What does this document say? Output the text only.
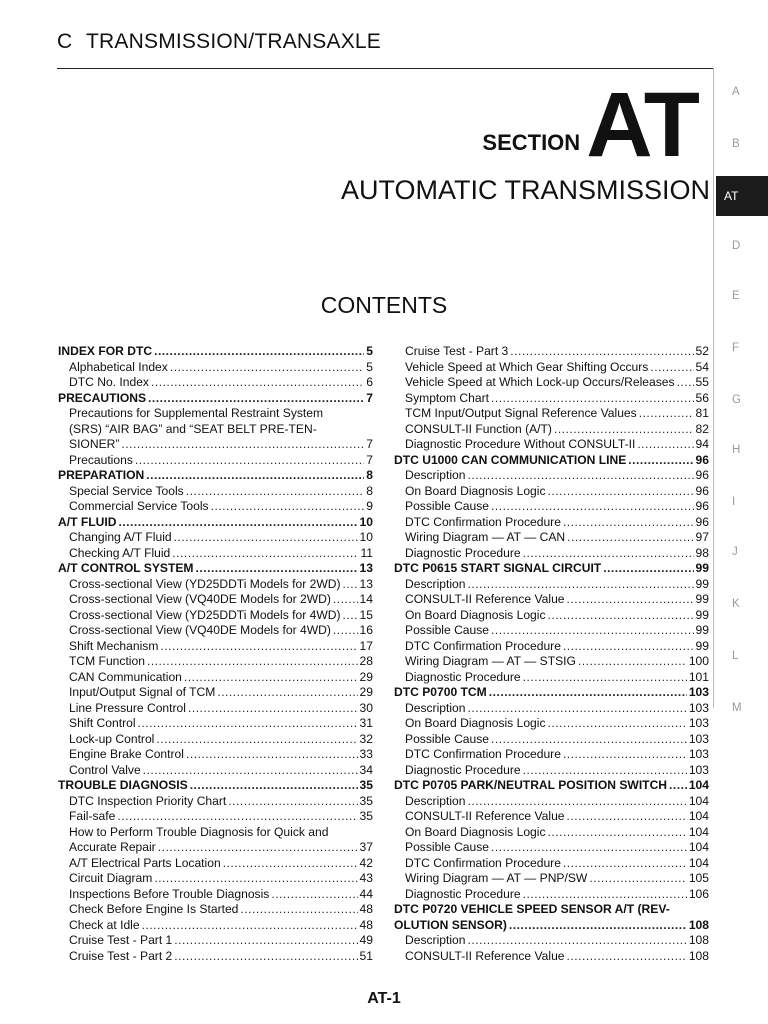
C TRANSMISSION/TRANSAXLE
SECTION AT
AUTOMATIC TRANSMISSION
CONTENTS
A
B
AT
D
E
F
G
H
I
J
K
L
M
INDEX FOR DTC .....	5
Alphabetical Index .....	5
DTC No. Index .....	6
PRECAUTIONS .....	7
Precautions for Supplemental Restraint System
(SRS) “AIR BAG” and “SEAT BELT PRE-TEN-
SIONER” .....	7
Precautions .....	7
PREPARATION .....	8
Special Service Tools .....	8
Commercial Service Tools .....	9
A/T FLUID .....	10
Changing A/T Fluid .....	10
Checking A/T Fluid .....	11
A/T CONTROL SYSTEM .....	13
Cross-sectional View (YD25DDTi Models for 2WD) ..... 13
Cross-sectional View (VQ40DE Models for 2WD) ..... 14
Cross-sectional View (YD25DDTi Models for 4WD) ..... 15
Cross-sectional View (VQ40DE Models for 4WD) ..... 16
Shift Mechanism .....	17
TCM Function .....	28
CAN Communication .....	29
Input/Output Signal of TCM .....	29
Line Pressure Control .....	30
Shift Control .....	31
Lock-up Control .....	32
Engine Brake Control .....	33
Control Valve .....	34
TROUBLE DIAGNOSIS .....	35
DTC Inspection Priority Chart .....	35
Fail-safe .....	35
How to Perform Trouble Diagnosis for Quick and
Accurate Repair .....	37
A/T Electrical Parts Location .....	42
Circuit Diagram .....	43
Inspections Before Trouble Diagnosis .....	44
Check Before Engine Is Started .....	48
Check at Idle .....	48
Cruise Test - Part 1 .....	49
Cruise Test - Part 2 .....	51
Cruise Test - Part 3 .....	52
Vehicle Speed at Which Gear Shifting Occurs .....	54
Vehicle Speed at Which Lock-up Occurs/Releases ..... 55
Symptom Chart .....	56
TCM Input/Output Signal Reference Values .....	81
CONSULT-II Function (A/T) .....	82
Diagnostic Procedure Without CONSULT-II .....	94
DTC U1000 CAN COMMUNICATION LINE .....	96
Description .....	96
On Board Diagnosis Logic .....	96
Possible Cause .....	96
DTC Confirmation Procedure .....	96
Wiring Diagram — AT — CAN .....	97
Diagnostic Procedure .....	98
DTC P0615 START SIGNAL CIRCUIT .....	99
Description .....	99
CONSULT-II Reference Value .....	99
On Board Diagnosis Logic .....	99
Possible Cause .....	99
DTC Confirmation Procedure .....	99
Wiring Diagram — AT — STSIG .....	100
Diagnostic Procedure .....	101
DTC P0700 TCM .....	103
Description .....	103
On Board Diagnosis Logic .....	103
Possible Cause .....	103
DTC Confirmation Procedure .....	103
Diagnostic Procedure .....	103
DTC P0705 PARK/NEUTRAL POSITION SWITCH ..... 104
Description .....	104
CONSULT-II Reference Value .....	104
On Board Diagnosis Logic .....	104
Possible Cause .....	104
DTC Confirmation Procedure .....	104
Wiring Diagram — AT — PNP/SW .....	105
Diagnostic Procedure .....	106
DTC P0720 VEHICLE SPEED SENSOR A/T (REV-
OLUTION SENSOR) .....	108
Description .....	108
CONSULT-II Reference Value .....	108
AT-1
